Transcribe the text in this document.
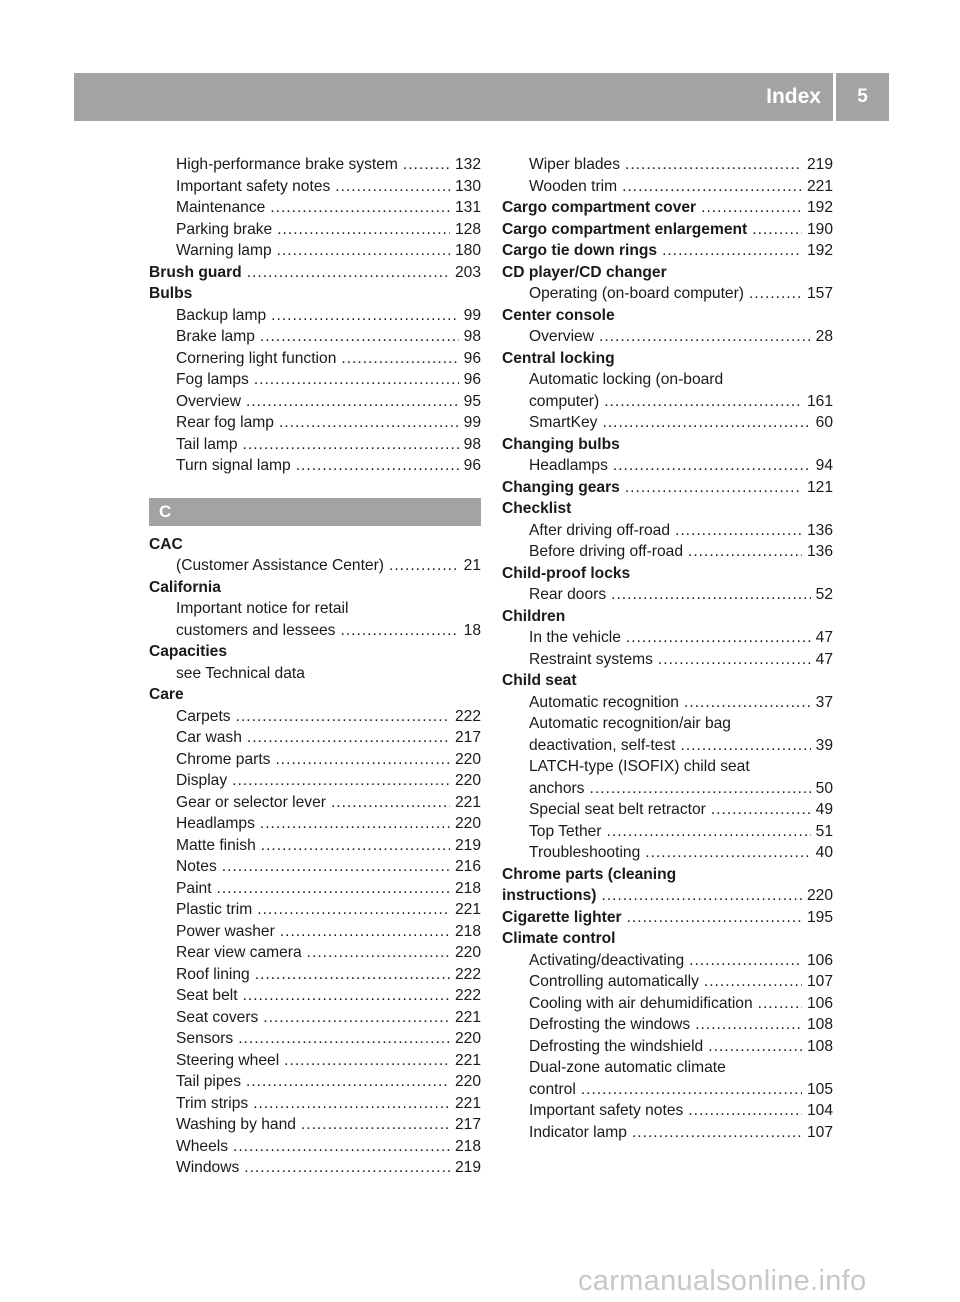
Index	5
High-performance brake system .....	132
Important safety notes .....	130
Maintenance .....	131
Parking brake .....	128
Warning lamp .....	180
Brush guard .....	203
Bulbs
Backup lamp .....	99
Brake lamp .....	98
Cornering light function .....	96
Fog lamps .....	96
Overview .....	95
Rear fog lamp .....	99
Tail lamp .....	98
Turn signal lamp .....	96
C
CAC
(Customer Assistance Center) .....	21
California
Important notice for retail
customers and lessees .....	18
Capacities
see Technical data
Care
Carpets .....	222
Car wash .....	217
Chrome parts .....	220
Display .....	220
Gear or selector lever .....	221
Headlamps .....	220
Matte finish .....	219
Notes .....	216
Paint .....	218
Plastic trim .....	221
Power washer .....	218
Rear view camera .....	220
Roof lining .....	222
Seat belt .....	222
Seat covers .....	221
Sensors .....	220
Steering wheel .....	221
Tail pipes .....	220
Trim strips .....	221
Washing by hand .....	217
Wheels .....	218
Windows .....	219
Wiper blades .....	219
Wooden trim .....	221
Cargo compartment cover .....	192
Cargo compartment enlargement .....	190
Cargo tie down rings .....	192
CD player/CD changer
Operating (on-board computer) .....	157
Center console
Overview .....	28
Central locking
Automatic locking (on-board
computer) .....	161
SmartKey .....	60
Changing bulbs
Headlamps .....	94
Changing gears .....	121
Checklist
After driving off-road .....	136
Before driving off-road .....	136
Child-proof locks
Rear doors .....	52
Children
In the vehicle .....	47
Restraint systems .....	47
Child seat
Automatic recognition .....	37
Automatic recognition/air bag
deactivation, self-test .....	39
LATCH-type (ISOFIX) child seat
anchors .....	50
Special seat belt retractor .....	49
Top Tether .....	51
Troubleshooting .....	40
Chrome parts (cleaning
instructions) .....	220
Cigarette lighter .....	195
Climate control
Activating/deactivating .....	106
Controlling automatically .....	107
Cooling with air dehumidification .....	106
Defrosting the windows .....	108
Defrosting the windshield .....	108
Dual-zone automatic climate
control .....	105
Important safety notes .....	104
Indicator lamp .....	107
carmanualsonline.info
